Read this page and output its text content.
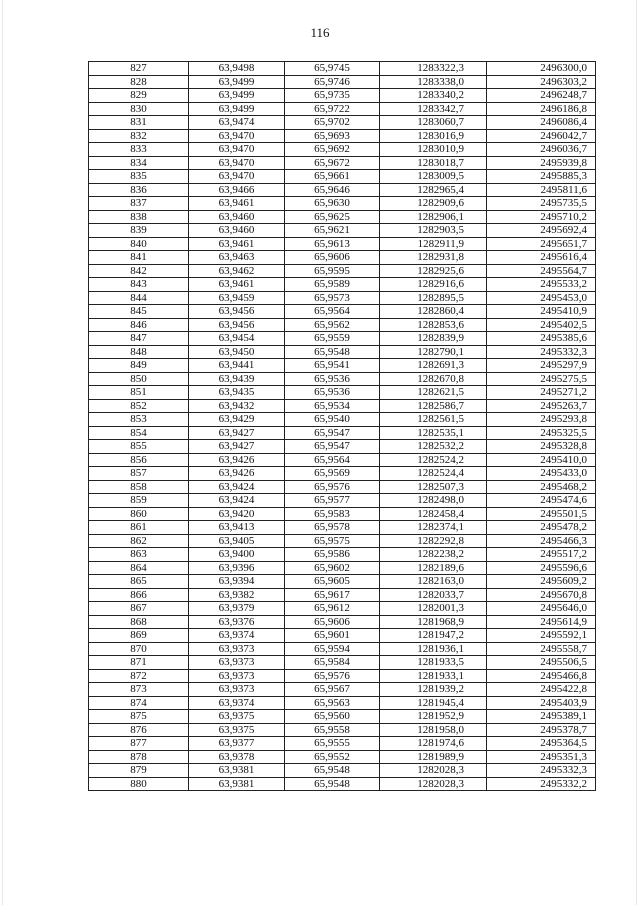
116
827	63,9498	65,9745	1283322,3	2496300,0
828	63,9499	65,9746	1283338,0	2496303,2
829	63,9499	65,9735	1283340,2	2496248,7
830	63,9499	65,9722	1283342,7	2496186,8
831	63,9474	65,9702	1283060,7	2496086,4
832	63,9470	65,9693	1283016,9	2496042,7
833	63,9470	65,9692	1283010,9	2496036,7
834	63,9470	65,9672	1283018,7	2495939,8
835	63,9470	65,9661	1283009,5	2495885,3
836	63,9466	65,9646	1282965,4	2495811,6
837	63,9461	65,9630	1282909,6	2495735,5
838	63,9460	65,9625	1282906,1	2495710,2
839	63,9460	65,9621	1282903,5	2495692,4
840	63,9461	65,9613	1282911,9	2495651,7
841	63,9463	65,9606	1282931,8	2495616,4
842	63,9462	65,9595	1282925,6	2495564,7
843	63,9461	65,9589	1282916,6	2495533,2
844	63,9459	65,9573	1282895,5	2495453,0
845	63,9456	65,9564	1282860,4	2495410,9
846	63,9456	65,9562	1282853,6	2495402,5
847	63,9454	65,9559	1282839,9	2495385,6
848	63,9450	65,9548	1282790,1	2495332,3
849	63,9441	65,9541	1282691,3	2495297,9
850	63,9439	65,9536	1282670,8	2495275,5
851	63,9435	65,9536	1282621,5	2495271,2
852	63,9432	65,9534	1282586,7	2495263,7
853	63,9429	65,9540	1282561,5	2495293,8
854	63,9427	65,9547	1282535,1	2495325,5
855	63,9427	65,9547	1282532,2	2495328,8
856	63,9426	65,9564	1282524,2	2495410,0
857	63,9426	65,9569	1282524,4	2495433,0
858	63,9424	65,9576	1282507,3	2495468,2
859	63,9424	65,9577	1282498,0	2495474,6
860	63,9420	65,9583	1282458,4	2495501,5
861	63,9413	65,9578	1282374,1	2495478,2
862	63,9405	65,9575	1282292,8	2495466,3
863	63,9400	65,9586	1282238,2	2495517,2
864	63,9396	65,9602	1282189,6	2495596,6
865	63,9394	65,9605	1282163,0	2495609,2
866	63,9382	65,9617	1282033,7	2495670,8
867	63,9379	65,9612	1282001,3	2495646,0
868	63,9376	65,9606	1281968,9	2495614,9
869	63,9374	65,9601	1281947,2	2495592,1
870	63,9373	65,9594	1281936,1	2495558,7
871	63,9373	65,9584	1281933,5	2495506,5
872	63,9373	65,9576	1281933,1	2495466,8
873	63,9373	65,9567	1281939,2	2495422,8
874	63,9374	65,9563	1281945,4	2495403,9
875	63,9375	65,9560	1281952,9	2495389,1
876	63,9375	65,9558	1281958,0	2495378,7
877	63,9377	65,9555	1281974,6	2495364,5
878	63,9378	65,9552	1281989,9	2495351,3
879	63,9381	65,9548	1282028,3	2495332,3
880	63,9381	65,9548	1282028,3	2495332,2
